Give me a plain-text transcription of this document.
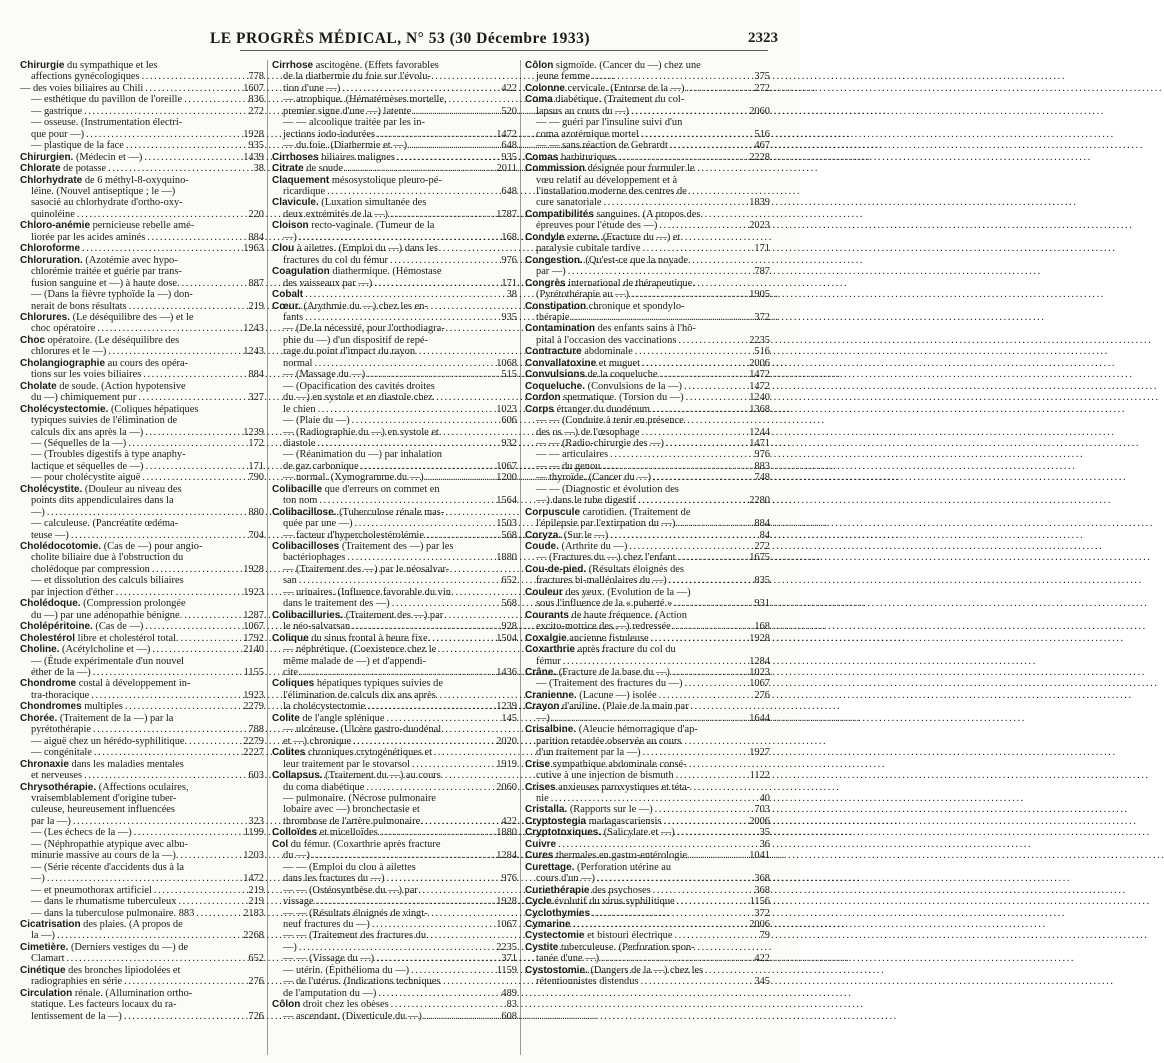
LE PROGRÈS MÉDICAL, N° 53 (30 Décembre 1933)	2323
Chirurgie du sympathique et les
affections gynécologiques . . .	778
— des voies biliaires au Chili . . .	1607
— esthétique du pavillon de l'oreille . . .	836
— gastrique . . .	272
— osseuse. (Instrumentation électri-
que pour —) . . .	1928
— plastique de la face . . .	935
Chirurgien. (Médecin et —) . . .	1439
Chlorate de potasse . . .	38
Chlorhydrate de 6 méthyl-8-oxyquino-
léine. (Nouvel antiseptique ; le —)
sasocié au chlorhydrate d'ortho-oxy-
quinoléine . . .	220
Chloro-anémie pernicieuse rebelle amé-
liorée par les acides aminés . . .	884
Chloroforme . . .	1963
Chloruration. (Azotémie avec hypo-
chlorémie traitée et guérie par trans-
fusion sanguine et —) à haute dose. . . .	887
— (Dans la fièvre typhoïde la —) don-
nerait de bons résultats . . .	219
Chlorures. (Le déséquilibre des —) et le
choc opératoire . . .	1243
Choc opératoire. (Le déséquilibre des
chlorures et le —) . . .	1243
Cholangiographie au cours des opéra-
tions sur les voies biliaires . . .	884
Cholate de soude. (Action hypotensive
du —) chimiquement pur . . .	327
Cholécystectomie. (Coliques hépatiques
typiques suivies de l'élimination de
calculs dix ans après la —) . . .	1239
— (Séquelles de la —) . . .	172
— (Troubles digestifs à type anaphy-
lactique et séquelles de —) . . .	171
— pour cholécystite aiguë . . .	790
Cholécystite. (Douleur au niveau des
points dits appendiculaires dans la
—) . . .	880
— calculeuse. (Pancréatite œdéma-
teuse —) . . .	704
Cholédocotomie. (Cas de —) pour angio-
cholite biliaire due à l'obstruction du
cholédoque par compression . . .	1928
— et dissolution des calculs biliaires
par injection d'éther . . .	1923
Cholédoque. (Compression prolongée
du —) par une adénopathie bénigne. . . .	1287
Cholépéritoine. (Cas de —) . . .	1067
Cholestérol libre et cholestérol total. . . .	1792
Choline. (Acétylcholine et —) . . .	2140
— (Étude expérimentale d'un nouvel
éther de la —) . . .	1155
Chondrome costal à développement in-
tra-thoracique . . .	1923
Chondromes multiples . . .	2279
Chorée. (Traitement de la —) par la
pyrétothérapie . . .	788
— aiguë chez un hérédo-syphilitique. . . .	2279
— congénitale . . .	2227
Chronaxie dans les maladies mentales
et nerveuses . . .	603
Chrysothérapie. (Affections oculaires,
vraisemblablement d'origine tuber-
culeuse, heureusement influencées
par la —) . . .	323
— (Les échecs de la —) . . .	1199
— (Néphropathie atypique avec albu-
minurie massive au cours de la —). . . .	1203
— (Série récente d'accidents dus à la
—) . . .	1472
— et pneumothorax artificiel . . .	219
— dans le rhumatisme tuberculeux . . .	219
— dans la tuberculose pulmonaire. 883 . . .	2183
Cicatrisation des plaies. (A propos de
la —) . . .	2268
Cimetière. (Derniers vestiges du —) de
Clamart . . .	652
Cinétique des bronches lipiodolées et
radiographies en série . . .	276
Circulation rénale. (Allumination ortho-
statique. Les facteurs locaux du ra-
lentissement de la —) . . .	726
Cirrhose ascitogène. (Effets favorables
de la diathermie du foie sur l'évolu-
tion d'une —) . . .	422
— atrophique. (Hématémèses mortelle,
premier signe d'une —) latente . . .	520
— — alcoolique traitée par les in-
jections iodo-iodurées . . .	1472
— du foie. (Diathermie et —) . . .	648
Cirrhoses biliaires malignes . . .	935
Citrate de soude . . .	2011
Claquement mésosystolique pleuro-pé-
ricardique . . .	648
Clavicule. (Luxation simultanée des
deux extrémités de la —) . . .	1787
Cloison recto-vaginale. (Tumeur de la
—) . . .	168
Clou à ailettes. (Emploi du —) dans les
fractures du col du fémur . . .	976
Coagulation diathermique. (Hémostase
des vaisseaux par —) . . .	171
Cobalt . . .	38
Cœur. (Arythmie du —) chez les en-
fants . . .	935
— (De la nécessité, pour l'orthodiagra-
phie du —) d'un dispositif de repé-
rage du point d'impact du rayon
normal . . .	1068
— (Massage du —) . . .	515
— (Opacification des cavités droites
du —) en systole et en diastole chez
le chien . . .	1023
— (Plaie du —) . . .	606
— (Radiographie du —) en systole et
diastole . . .	932
— (Réanimation du —) par inhalation
de gaz carbonique . . .	1067
— normal. (Xymogramme du —) . . .	1200
Colibacille que d'erreurs on commet en
ton nom . . .	1564
Colibacillose. (Tuberculose rénale mas-
quée par une —) . . .	1503
— facteur d'hypercholestérolémie . . .	568
Colibacilloses (Traitement des —) par les
bactériophages . . .	1880
— (Traitement des —) par le néosalvar-
san . . .	652
— urinaires. (Influence favorable du vin
dans le traitement des —) . . .	568
Colibacilluries. (Traitement des —) par
le néo-salvarsan . . .	928
Colique du sinus frontal à heure fixe. . . .	1504
— néphrétique. (Coexistence chez le
même malade de —) et d'appendi-
cite . . .	1436
Coliques hépatiques typiques suivies de
l'élimination de calculs dix ans après
la cholécystectomie . . .	1239
Colite de l'angle splénique . . .	145
— ulcéreuse. (Ulcère gastro-duodénal
et —) chronique . . .	2020
Colites chroniques crytogénétiques et
leur traitement par le stovarsol . . .	1919
Collapsus. (Traitement du —) au cours
du coma diabétique . . .	2060
— pulmonaire. (Nécrose pulmonaire
lobaire avec —) bronchectasie et
thrombose de l'artère pulmonaire. . . .	422
Colloïdes et micelloïdes . . .	1880
Col du fémur. (Coxarthrie après fracture
du —) . . .	1284
— — (Emploi du clou à ailettes
dans les fractures du —) . . .	976
— — (Ostéosynthèse du —) par
vissage . . .	1928
— — (Résultats éloignés de vingt-
neuf fractures du —) . . .	1067
— — (Traitement des fractures du
—) . . .	2235
— — (Vissage du —) . . .	371
— utérin. (Épithélioma du —) . . .	1159
— de l'utérus. (Indications techniques
de l'amputation du —) . . .	489
Côlon droit chez les obèses . . .	83
— ascendant. (Diverticule du —) . . .	608
Côlon sigmoïde. (Cancer du —) chez une
jeune femme . . .	375
Colonne cervicale. (Entorse de la —). . . .	272
Coma diabétique. (Traitement du col-
lapsus au cours du —) . . .	2060
— — guéri par l'insuline suivi d'un
coma azotémique mortel . . .	516
— — sans réaction de Gehrardt . . .	467
Comas barbituriques . . .	2228
Commission désignée pour formuler le
vœu relatif au développement et à
l'installation moderne des centres de
cure sanatoriale . . .	1839
Compatibilités sanguines. (A propos des
épreuves pour l'étude des —) . . .	2023
Condyle externe. (Fracture du —) et
paralysie cubitale tardive . . .	171
Congestion. (Qu'est-ce que la noyade
par —) . . .	787
Congrès international de thérapeutique.
(Pyrétothérapie au —) . . .	1905
Constipation chronique et spondylo-
thérapie . . .	372
Contamination des enfants sains à l'hô-
pital à l'occasion des vaccinations . . .	2235
Contracture abdominale . . .	516
Convallatoxine et muguet . . .	2006
Convulsions de la coqueluche . . .	1472
Coqueluche. (Convulsions de la —) . . .	1472
Cordon spermatique. (Torsion du —) . . .	1240
Corps étranger du duodénum . . .	1368
— — (Conduite à tenir en présence
des os —) de l'œsophage . . .	1244
— — (Radio-chirurgie des —) . . .	1471
— — articulaires . . .	976
— — du genou . . .	883
— thyroïde. (Cancer du —) . . .	748
— — (Diagnostic et évolution des
—) dans le tube digestif . . .	2280
Corpuscule carotidien. (Traitement de
l'épilepsie par l'extirpation du —). . . .	884
Coryza. (Sur le —) . . .	84
Coude. (Arthrite du —) . . .	272
— (Fractures du —) chez l'enfant . . .	1675
Cou-de-pied. (Résultats éloignés des
fractures bi-malléolaires du —) . . .	835
Couleur des yeux. (Evolution de la —)
sous l'influence de la « puberté » . . .	931
Courants de haute fréquence. (Action
excito-motrice des —) redressée . . .	168
Coxalgie ancienne fistuleuse . . .	1928
Coxarthrie après fracture du col du
fémur . . .	1284
Crâne. (Fracture de la base du —) . . .	1023
— (Traitement des fractures du —) . . .	1067
Cranienne. (Lacune —) isolée . . .	276
Crayon d'aniline. (Plaie de la main par
—) . . .	1644
Crisalbine. (Aleucie hémorragique d'ap-
parition retardée observée au cours
d'un traitement par la —) . . .	1927
Crise sympathique abdominale consé-
cutive à une injection de bismuth . . .	1122
Crises anxieuses paroxystiques et téta-
nie . . .	40
Cristalla. (Rapports sur le —) . . .	703
Cryptostegia madagascariensis . . .	2006
Cryptotoxiques. (Salicylate et —) . . .	35
Cuivre . . .	36
Cures thermales en gastro-entérologie. . . .	1041
Curettage. (Perforation utérine au
cours d'un —) . . .	368
Curiethérapie des psychoses . . .	368
Cycle évolutif du virus syphilitique . . .	1156
Cyclothymies . . .	372
Cymarine . . .	2006
Cystectomie et bistouri électrique . . .	79
Cystite tuberculeuse. (Perforation spon-
tanée d'une —) . . .	422
Cystostomie. (Dangers de la —) chez les
rétentionnistes distendus . . .	345
